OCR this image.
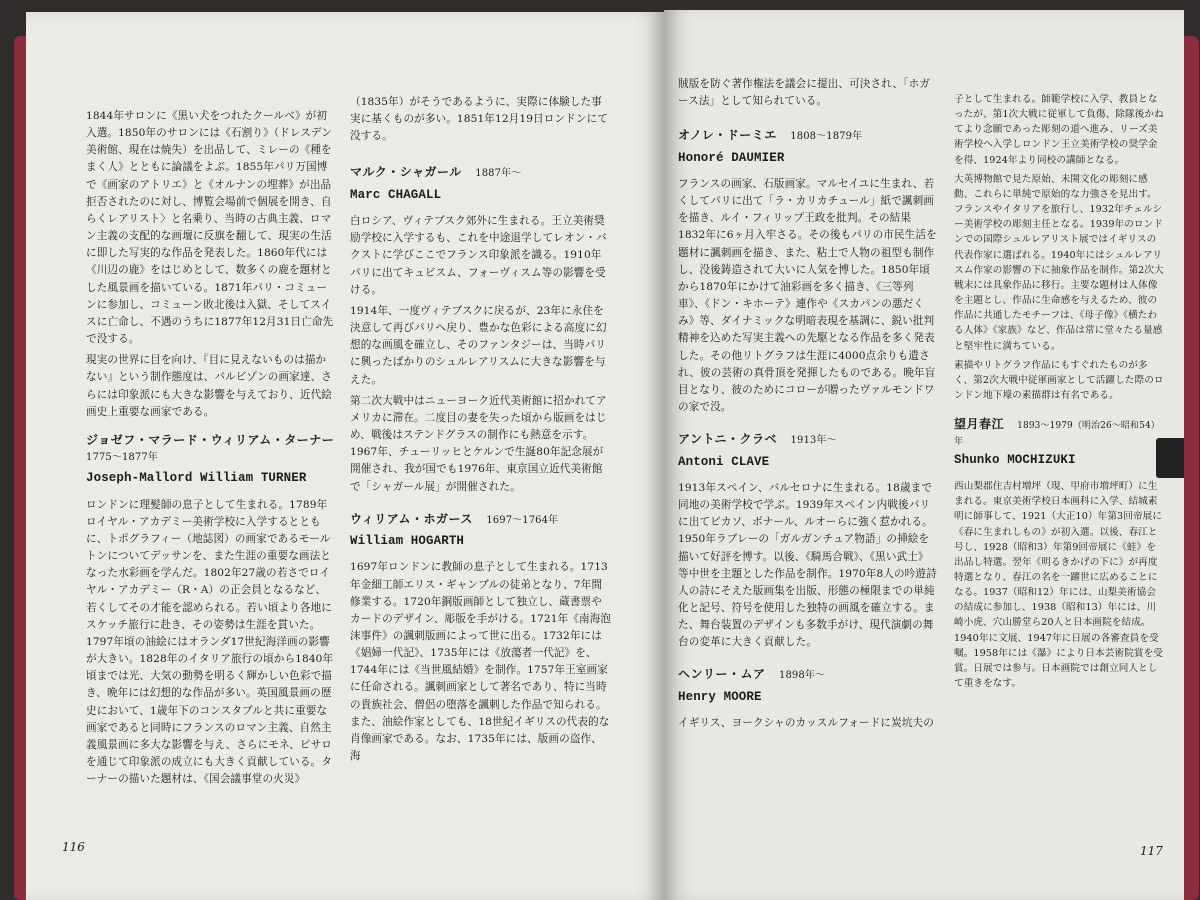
1844年サロンに《黒い犬をつれたクールベ》が初入選。1850年のサロンには《石割り》（ドレスデン美術館、現在は焼失）を出品して、ミレーの《種をまく人》とともに論議をよぶ。1855年パリ万国博で《画家のアトリエ》と《オルナンの埋葬》が出品拒否されたのに対し、博覧会場前で個展を開き、自らくレアリスト〉と名乗り、当時の古典主義、ロマン主義の支配的な画壇に反旗を翻して、現実の生活に即した写実的な作品を発表した。1860年代には《川辺の鹿》をはじめとして、数多くの鹿を題材とした風景画を描いている。1871年パリ・コミューンに参加し、コミューン敗北後は入獄、そしてスイスに亡命し、不遇のうちに1877年12月31日亡命先で没する。

現実の世界に目を向け、『目に見えないものは描かない』という制作態度は、バルビゾンの画家達、さらには印象派にも大きな影響を与えており、近代絵画史上重要な画家である。

ジョゼフ・マラード・ウィリアム・ターナー
1775〜1877年
Joseph-Mallord William TURNER

ロンドンに理髪師の息子として生まれる。1789年ロイヤル・アカデミー美術学校に入学するとともに、トポグラフィー（地誌図）の画家であるモールトンについてデッサンを、また生涯の重要な画法となった水彩画を学んだ。1802年27歳の若さでロイヤル・アカデミー（R・A）の正会員となるなど、若くしてその才能を認められる。若い頃より各地にスケッチ旅行に赴き、その姿勢は生涯を貫いた。1797年頃の油絵にはオランダ17世紀海洋画の影響が大きい。1828年のイタリア旅行の頃から1840年頃までは光、大気の動勢を明るく輝かしい色彩で描き、晩年には幻想的な作品が多い。英国風景画の歴史において、1歳年下のコンスタブルと共に重要な画家であると同時にフランスのロマン主義、自然主義風景画に多大な影響を与え、さらにモネ、ピサロを通じて印象派の成立にも大きく貢献している。ターナーの描いた題材は、《国会議事堂の火災》

（1835年）がそうであるように、実際に体験した事実に基くものが多い。1851年12月19日ロンドンにて没する。

マルク・シャガール 1887年〜
Marc CHAGALL

白ロシア、ヴィテブスク郊外に生まれる。王立美術奨励学校に入学するも、これを中途退学してレオン・バクストに学びここでフランス印象派を識る。1910年パリに出てキュビスム、フォーヴィスム等の影響を受ける。

1914年、一度ヴィテブスクに戻るが、23年に永住を決意して再びパリへ戻り、豊かな色彩による高度に幻想的な画風を確立し、そのファンタジーは、当時パリに興ったばかりのシュルレアリスムに大きな影響を与えた。

第二次大戦中はニューヨーク近代美術館に招かれてアメリカに滞在。二度目の妻を失った頃から版画をはじめ、戦後はステンドグラスの制作にも熱意を示す。1967年、チューリッヒとケルンで生誕80年記念展が開催され、我が国でも1976年、東京国立近代美術館で「シャガール展」が開催された。

ウィリアム・ホガース 1697〜1764年
William HOGARTH

1697年ロンドンに教師の息子として生まれる。1713年金細工師エリス・ギャンブルの徒弟となり、7年間修業する。1720年銅版画師として独立し、蔵書票やカードのデザイン、彫版を手がける。1721年《南海泡沫事件》の諷刺版画によって世に出る。1732年には《娼婦一代記》、1735年には《放蕩者一代記》を、1744年には《当世風結婚》を制作。1757年王室画家に任命される。諷刺画家として著名であり、特に当時の貴族社会、僧侶の堕落を諷刺した作品で知られる。また、油絵作家としても、18世紀イギリスの代表的な肖像画家である。なお、1735年には、版画の盗作、海

116

賊版を防ぐ著作権法を議会に提出、可決され、「ホガース法」として知られている。

オノレ・ドーミエ 1808〜1879年
Honoré DAUMIER

フランスの画家、石版画家。マルセイユに生まれ、若くしてパリに出て「ラ・カリカチュール」紙で諷刺画を描き、ルイ・フィリップ王政を批判。その結果1832年に6ヶ月入牢さる。その後もパリの市民生活を題材に諷刺画を描き、また、粘土で人物の祖型も制作し、没後鋳造されて大いに人気を博した。1850年頃から1870年にかけて油彩画を多く描き、《三等列車》、《ドン・キホーテ》連作や《スカパンの悪だくみ》等、ダイナミックな明暗表現を基調に、鋭い批判精神を込めた写実主義への先駆となる作品を多く発表した。その他リトグラフは生涯に4000点余りも遺され、彼の芸術の真骨頂を発揮したものである。晩年盲目となり、彼のためにコローが贈ったヴァルモンドワの家で没。

アントニ・クラベ 1913年〜
Antoni CLAVE

1913年スペイン、バルセロナに生まれる。18歳まで同地の美術学校で学ぶ。1939年スペイン内戦後パリに出てピカソ、ボナール、ルオーらに強く惹かれる。1950年ラブレーの「ガルガンチュア物語」の挿絵を描いて好評を博す。以後、《騎馬合戦》、《黒い武士》等中世を主題とした作品を制作。1970年8人の吟遊詩人の詩にそえた版画集を出版、形態の極限までの単純化と記号、符号を使用した独特の画風を確立する。また、舞台装置のデザインも多数手がけ、現代演劇の舞台の変革に大きく貢献した。

ヘンリー・ムア 1898年〜
Henry MOORE

イギリス、ヨークシャのカッスルフォードに炭坑夫の

子として生まれる。師範学校に入学、教員となったが、第1次大戦に従軍して負傷、除隊後かねてより念願であった彫刻の道へ進み、リーズ美術学校へ入学しロンドン王立美術学校の奨学金を得、1924年より同校の講師となる。

大英博物館で見た原始、未開文化の彫刻に感動、これらに単純で原始的な力強さを見出す。フランスやイタリアを旅行し、1932年チェルシー美術学校の彫刻主任となる。1939年のロンドンでの国際シュルレアリスト展ではイギリスの代表作家に選ばれる。1940年にはシュルレアリスム作家の影響の下に抽象作品を制作。第2次大戦末には具象作品に移行。主要な題材は人体像を主題とし、作品に生命感を与えるため、彼の作品に共通したモチーフは、《母子像》《横たわる人体》《家族》など、作品は常に堂々たる量感と堅牢性に満ちている。

素描やリトグラフ作品にもすぐれたものが多く、第2次大戦中従軍画家として活躍した際のロンドン地下壕の素描群は有名である。

望月春江 1893〜1979（明治26〜昭和54）年
Shunko MOCHIZUKI

西山梨郡住吉村増坪（現、甲府市増坪町）に生まれる。東京美術学校日本画科に入学、結城素明に師事して、1921（大正10）年第3回帝展に《春に生まれしもの》が初入選。以後、春江と号し、1928（昭和3）年第9回帝展に《蛙》を出品し特選。翌年《明るきかげの下に》が再度特選となり、春江の名を一躍世に広めることになる。1937（昭和12）年には、山梨美術協会の結成に参加し、1938（昭和13）年には、川崎小虎、穴山勝堂ら20人と日本画院を結成。1940年に文展、1947年に日展の各審査員を受嘱。1958年には《瀑》により日本芸術院賞を受賞。日展では参与。日本画院では創立同人として重きをなす。

117
